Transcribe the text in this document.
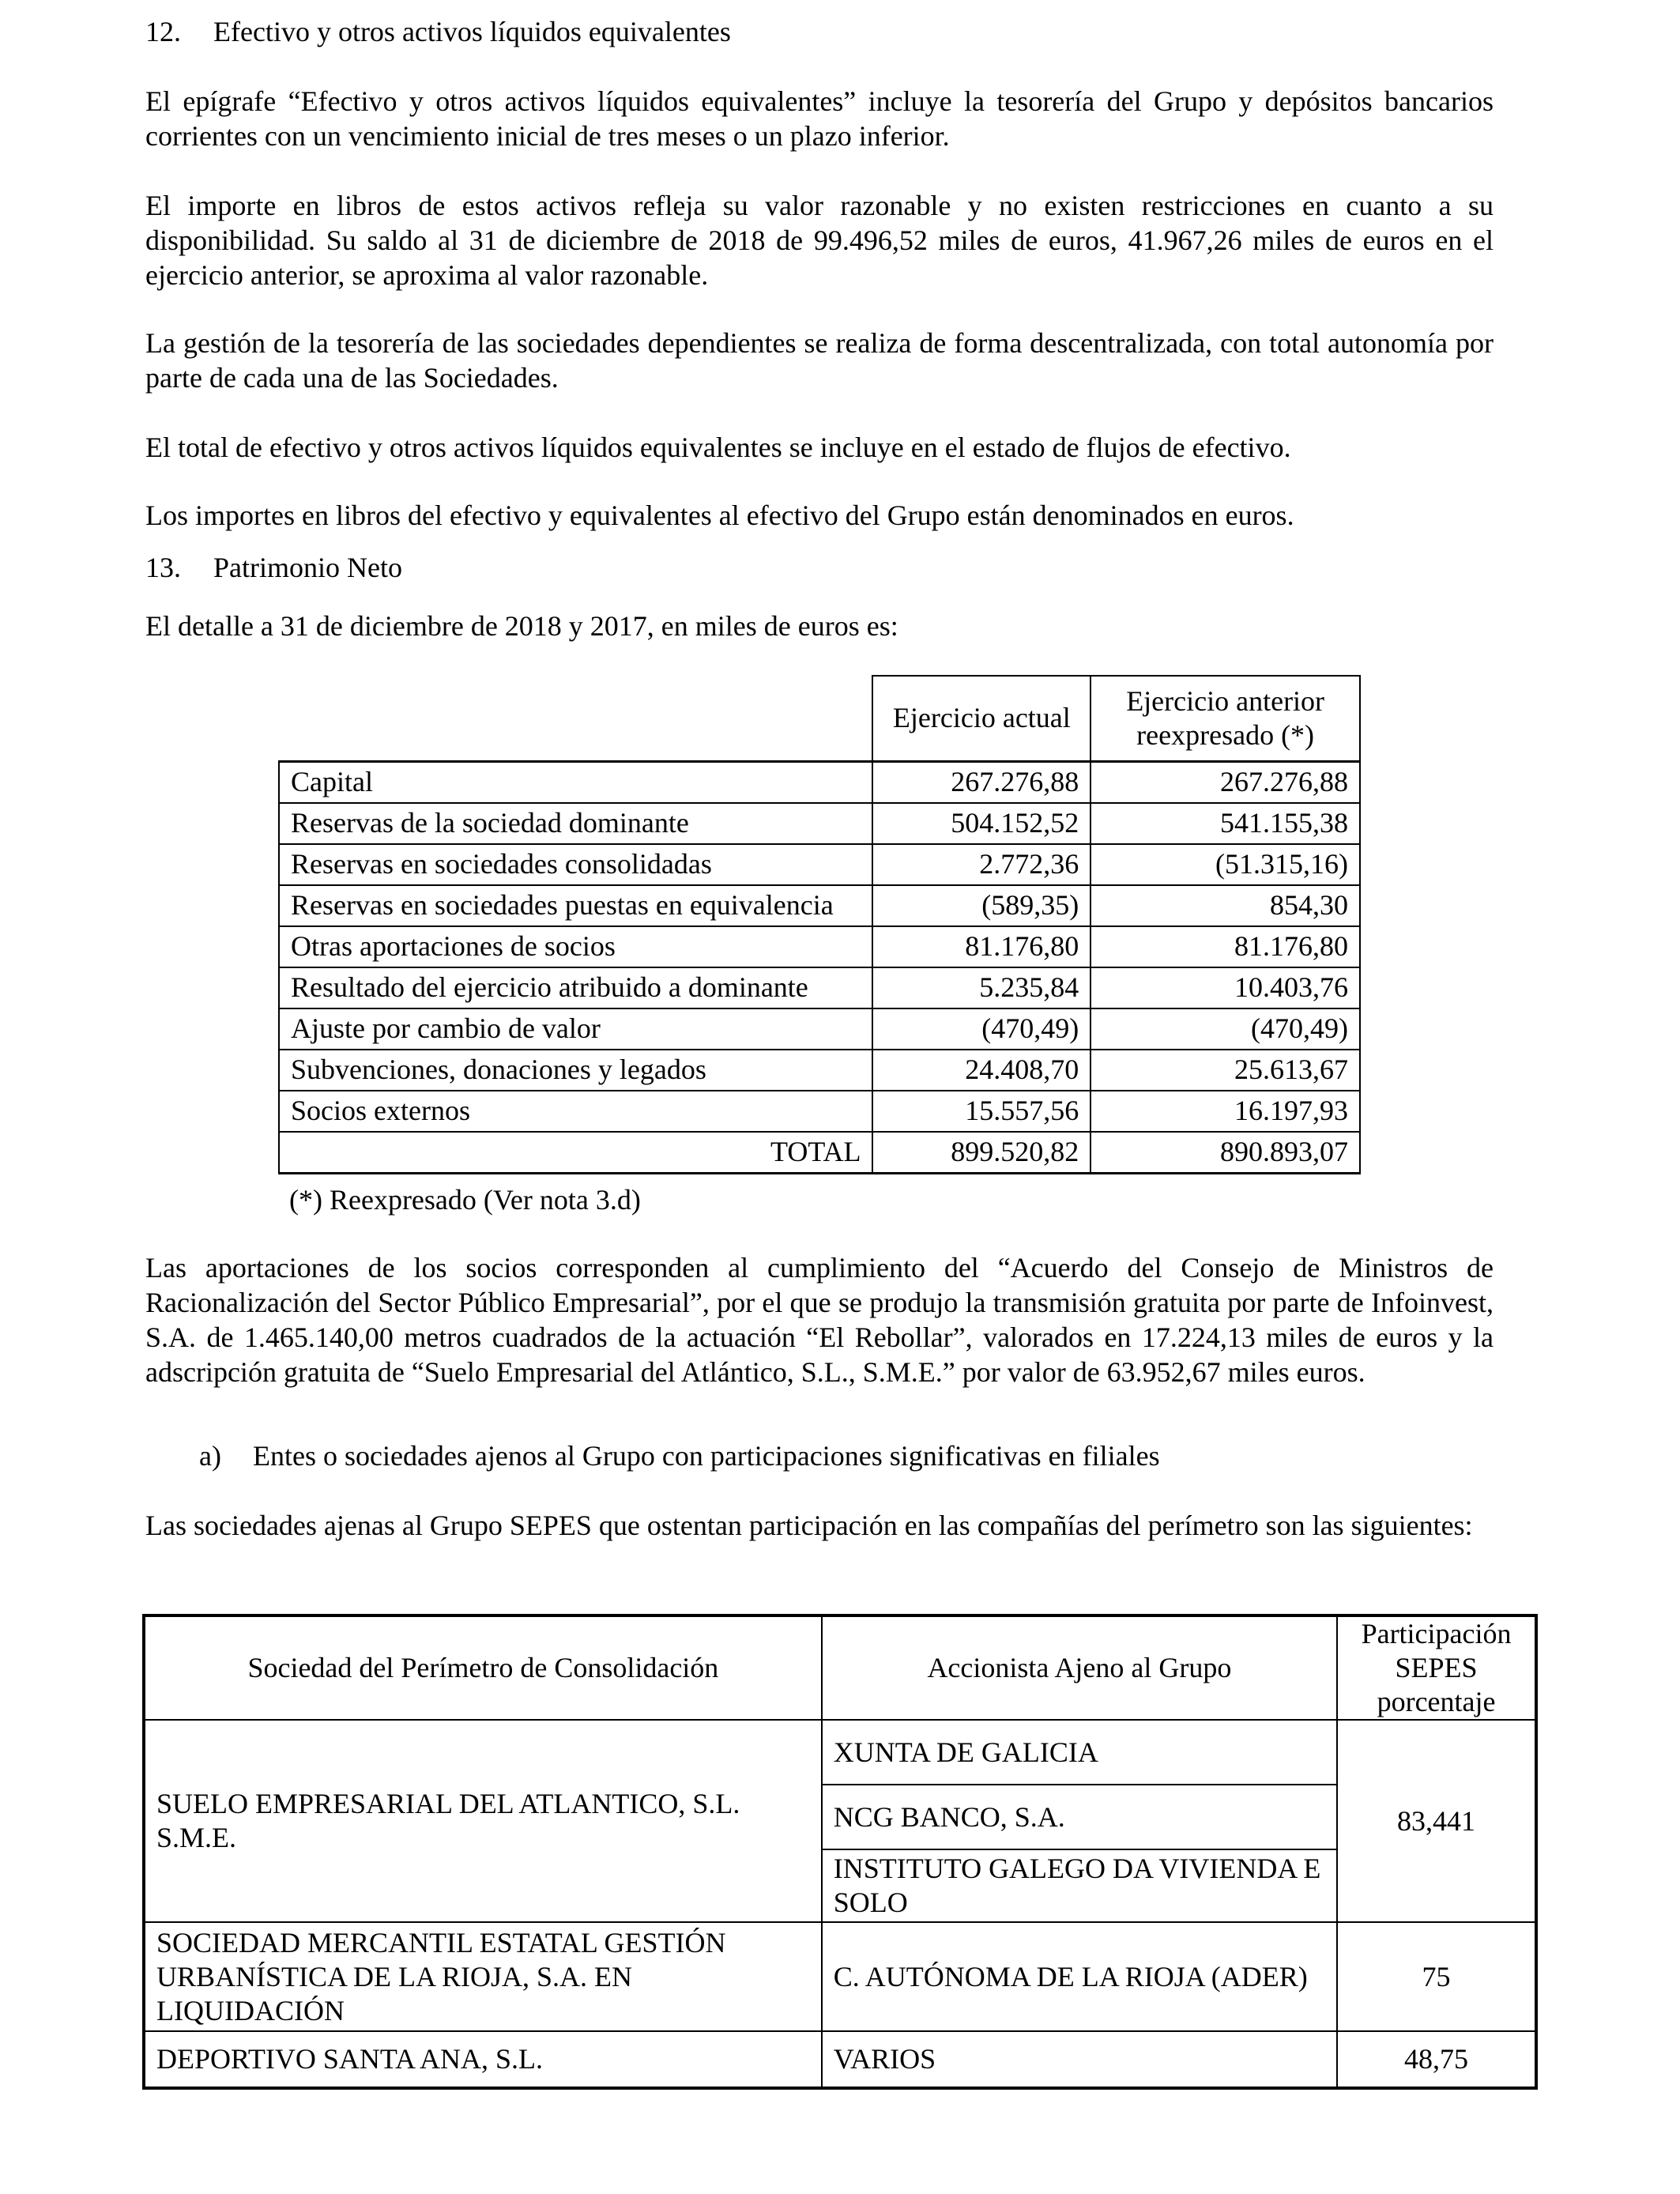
12. Efectivo y otros activos líquidos equivalentes

El epígrafe “Efectivo y otros activos líquidos equivalentes” incluye la tesorería del Grupo y depósitos bancarios corrientes con un vencimiento inicial de tres meses o un plazo inferior.

El importe en libros de estos activos refleja su valor razonable y no existen restricciones en cuanto a su disponibilidad. Su saldo al 31 de diciembre de 2018 de 99.496,52 miles de euros, 41.967,26 miles de euros en el ejercicio anterior, se aproxima al valor razonable.

La gestión de la tesorería de las sociedades dependientes se realiza de forma descentralizada, con total autonomía por parte de cada una de las Sociedades.

El total de efectivo y otros activos líquidos equivalentes se incluye en el estado de flujos de efectivo.

Los importes en libros del efectivo y equivalentes al efectivo del Grupo están denominados en euros.

13. Patrimonio Neto

El detalle a 31 de diciembre de 2018 y 2017, en miles de euros es:

	Ejercicio actual	Ejercicio anterior reexpresado (*)
Capital	267.276,88	267.276,88
Reservas de la sociedad dominante	504.152,52	541.155,38
Reservas en sociedades consolidadas	2.772,36	(51.315,16)
Reservas en sociedades puestas en equivalencia	(589,35)	854,30
Otras aportaciones de socios	81.176,80	81.176,80
Resultado del ejercicio atribuido a dominante	5.235,84	10.403,76
Ajuste por cambio de valor	(470,49)	(470,49)
Subvenciones, donaciones y legados	24.408,70	25.613,67
Socios externos	15.557,56	16.197,93
TOTAL	899.520,82	890.893,07
(*) Reexpresado (Ver nota 3.d)

Las aportaciones de los socios corresponden al cumplimiento del “Acuerdo del Consejo de Ministros de Racionalización del Sector Público Empresarial”, por el que se produjo la transmisión gratuita por parte de Infoinvest, S.A. de 1.465.140,00 metros cuadrados de la actuación “El Rebollar”, valorados en 17.224,13 miles de euros y la adscripción gratuita de “Suelo Empresarial del Atlántico, S.L., S.M.E.” por valor de 63.952,67 miles euros.

a) Entes o sociedades ajenos al Grupo con participaciones significativas en filiales

Las sociedades ajenas al Grupo SEPES que ostentan participación en las compañías del perímetro son las siguientes:

Sociedad del Perímetro de Consolidación	Accionista Ajeno al Grupo	Participación SEPES porcentaje
SUELO EMPRESARIAL DEL ATLANTICO, S.L. S.M.E.	XUNTA DE GALICIA	83,441
	NCG BANCO, S.A.	
	INSTITUTO GALEGO DA VIVIENDA E SOLO	
SOCIEDAD MERCANTIL ESTATAL GESTIÓN URBANÍSTICA DE LA RIOJA, S.A. EN LIQUIDACIÓN	C. AUTÓNOMA DE LA RIOJA (ADER)	75
DEPORTIVO SANTA ANA, S.L.	VARIOS	48,75
